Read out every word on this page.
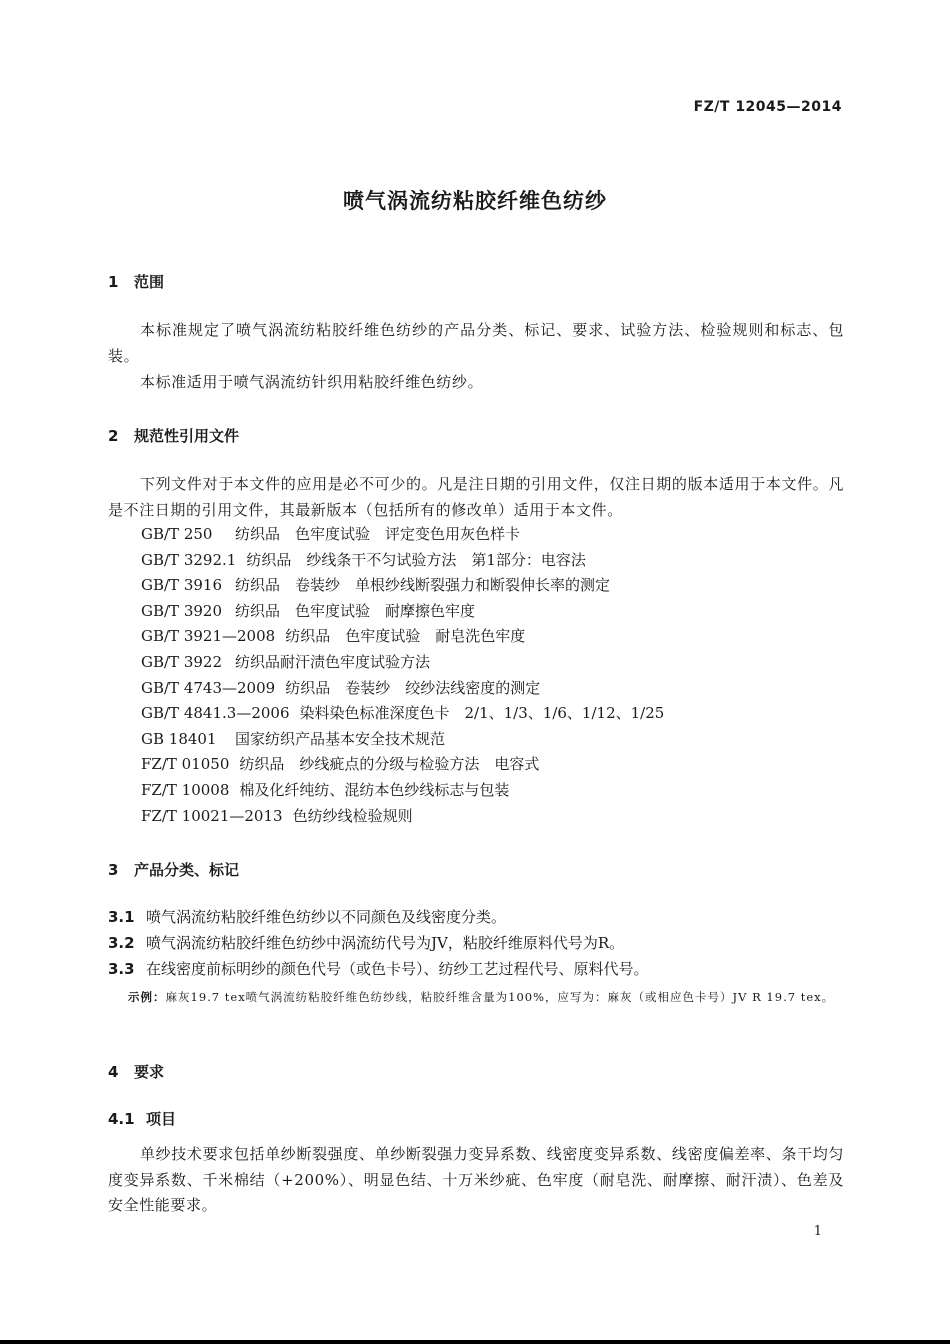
FZ/T 12045—2014
喷气涡流纺粘胶纤维色纺纱
1 范围
本标准规定了喷气涡流纺粘胶纤维色纺纱的产品分类、标记、要求、试验方法、检验规则和标志、包装。
本标准适用于喷气涡流纺针织用粘胶纤维色纺纱。
2 规范性引用文件
下列文件对于本文件的应用是必不可少的。凡是注日期的引用文件，仅注日期的版本适用于本文件。凡是不注日期的引用文件，其最新版本（包括所有的修改单）适用于本文件。
GB/T 250 纺织品　色牢度试验　评定变色用灰色样卡
GB/T 3292.1 纺织品　纱线条干不匀试验方法　第1部分：电容法
GB/T 3916 纺织品　卷装纱　单根纱线断裂强力和断裂伸长率的测定
GB/T 3920 纺织品　色牢度试验　耐摩擦色牢度
GB/T 3921—2008 纺织品　色牢度试验　耐皂洗色牢度
GB/T 3922 纺织品耐汗渍色牢度试验方法
GB/T 4743—2009 纺织品　卷装纱　绞纱法线密度的测定
GB/T 4841.3—2006 染料染色标准深度色卡　2/1、1/3、1/6、1/12、1/25
GB 18401 国家纺织产品基本安全技术规范
FZ/T 01050 纺织品　纱线疵点的分级与检验方法　电容式
FZ/T 10008 棉及化纤纯纺、混纺本色纱线标志与包装
FZ/T 10021—2013 色纺纱线检验规则
3 产品分类、标记
3.1 喷气涡流纺粘胶纤维色纺纱以不同颜色及线密度分类。
3.2 喷气涡流纺粘胶纤维色纺纱中涡流纺代号为JV，粘胶纤维原料代号为R。
3.3 在线密度前标明纱的颜色代号（或色卡号）、纺纱工艺过程代号、原料代号。
示例：麻灰19.7 tex喷气涡流纺粘胶纤维色纺纱线，粘胶纤维含量为100%，应写为：麻灰（或相应色卡号）JV R 19.7 tex。
4 要求
4.1 项目
单纱技术要求包括单纱断裂强度、单纱断裂强力变异系数、线密度变异系数、线密度偏差率、条干均匀度变异系数、千米棉结（+200%）、明显色结、十万米纱疵、色牢度（耐皂洗、耐摩擦、耐汗渍）、色差及安全性能要求。
1
